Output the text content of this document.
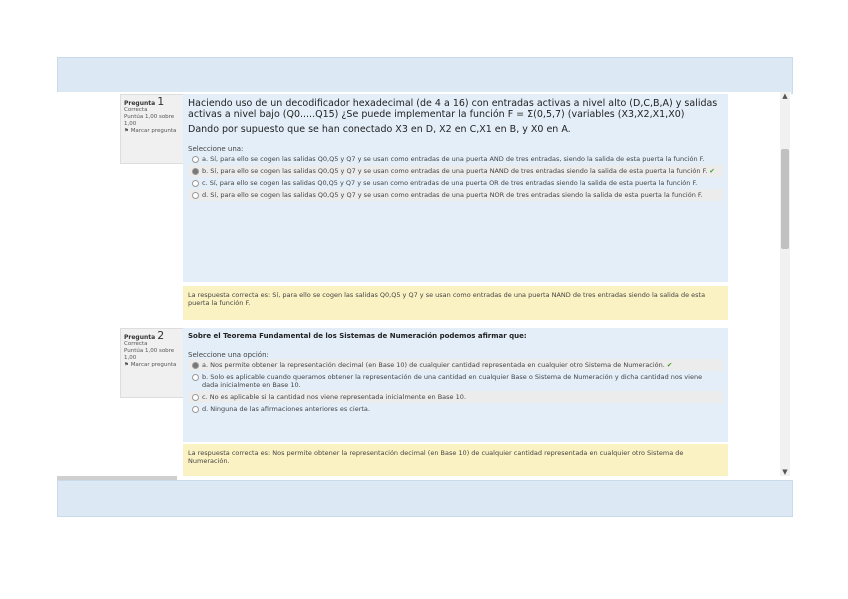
Pregunta 1
Correcta
Puntúa 1,00 sobre 1,00
⚑ Marcar pregunta
Haciendo uso de un decodificador hexadecimal (de 4 a 16) con entradas activas a nivel alto (D,C,B,A) y salidas activas a nivel bajo (Q0.....Q15) ¿Se puede implementar la función F = Σ(0,5,7) (variables (X3,X2,X1,X0)
Dando por supuesto que se han conectado X3 en D, X2 en C,X1 en B, y X0 en A.
Seleccione una:
a. Sí, para ello se cogen las salidas Q0,Q5 y Q7 y se usan como entradas de una puerta AND de tres entradas, siendo la salida de esta puerta la función F.
b. Sí, para ello se cogen las salidas Q0,Q5 y Q7 y se usan como entradas de una puerta NAND de tres entradas siendo la salida de esta puerta la función F. ✔
c. Sí, para ello se cogen las salidas Q0,Q5 y Q7 y se usan como entradas de una puerta OR de tres entradas siendo la salida de esta puerta la función F.
d. Sí, para ello se cogen las salidas Q0,Q5 y Q7 y se usan como entradas de una puerta NOR de tres entradas siendo la salida de esta puerta la función F.
La respuesta correcta es: Sí, para ello se cogen las salidas Q0,Q5 y Q7 y se usan como entradas de una puerta NAND de tres entradas siendo la salida de esta puerta la función F.
Pregunta 2
Correcta
Puntúa 1,00 sobre 1,00
⚑ Marcar pregunta
Sobre el Teorema Fundamental de los Sistemas de Numeración podemos afirmar que:
Seleccione una opción:
a. Nos permite obtener la representación decimal (en Base 10) de cualquier cantidad representada en cualquier otro Sistema de Numeración. ✔
b. Solo es aplicable cuando queramos obtener la representación de una cantidad en cualquier Base o Sistema de Numeración y dicha cantidad nos viene dada inicialmente en Base 10.
c. No es aplicable si la cantidad nos viene representada inicialmente en Base 10.
d. Ninguna de las afirmaciones anteriores es cierta.
La respuesta correcta es: Nos permite obtener la representación decimal (en Base 10) de cualquier cantidad representada en cualquier otro Sistema de Numeración.
▲
▼
